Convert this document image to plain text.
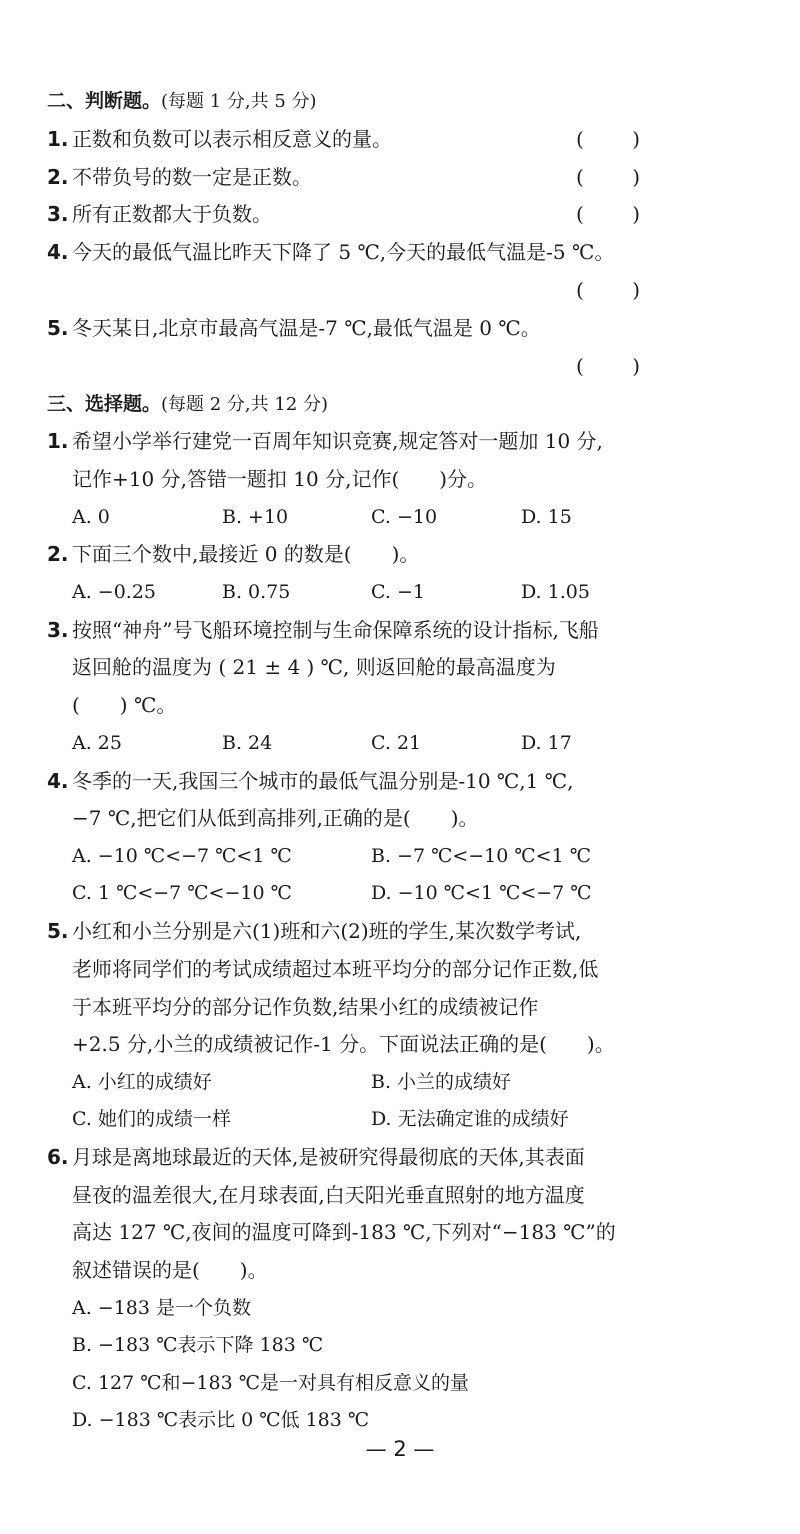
二、判断题。(每题 1 分,共 5 分)
1. 正数和负数可以表示相反意义的量。	( )
2. 不带负号的数一定是正数。	( )
3. 所有正数都大于负数。	( )
4. 今天的最低气温比昨天下降了 5 ℃,今天的最低气温是-5 ℃。
( )
5. 冬天某日,北京市最高气温是-7 ℃,最低气温是 0 ℃。
( )
三、选择题。(每题 2 分,共 12 分)
1. 希望小学举行建党一百周年知识竞赛,规定答对一题加 10 分,
记作+10 分,答错一题扣 10 分,记作(　　)分。
A. 0	B. +10	C. −10	D. 15
2. 下面三个数中,最接近 0 的数是(　　)。
A. −0.25	B. 0.75	C. −1	D. 1.05
3. 按照“神舟”号飞船环境控制与生命保障系统的设计指标,飞船
返回舱的温度为 ( 21 ± 4 ) ℃, 则返回舱的最高温度为
(　　) ℃。
A. 25	B. 24	C. 21	D. 17
4. 冬季的一天,我国三个城市的最低气温分别是-10 ℃,1 ℃,
−7 ℃,把它们从低到高排列,正确的是(　　)。
A. −10 ℃<−7 ℃<1 ℃	B. −7 ℃<−10 ℃<1 ℃
C. 1 ℃<−7 ℃<−10 ℃	D. −10 ℃<1 ℃<−7 ℃
5. 小红和小兰分别是六(1)班和六(2)班的学生,某次数学考试,
老师将同学们的考试成绩超过本班平均分的部分记作正数,低
于本班平均分的部分记作负数,结果小红的成绩被记作
+2.5 分,小兰的成绩被记作-1 分。下面说法正确的是(　　)。
A. 小红的成绩好	B. 小兰的成绩好
C. 她们的成绩一样	D. 无法确定谁的成绩好
6. 月球是离地球最近的天体,是被研究得最彻底的天体,其表面
昼夜的温差很大,在月球表面,白天阳光垂直照射的地方温度
高达 127 ℃,夜间的温度可降到-183 ℃,下列对“−183 ℃”的
叙述错误的是(　　)。
A. −183 是一个负数
B. −183 ℃表示下降 183 ℃
C. 127 ℃和−183 ℃是一对具有相反意义的量
D. −183 ℃表示比 0 ℃低 183 ℃
— 2 —
